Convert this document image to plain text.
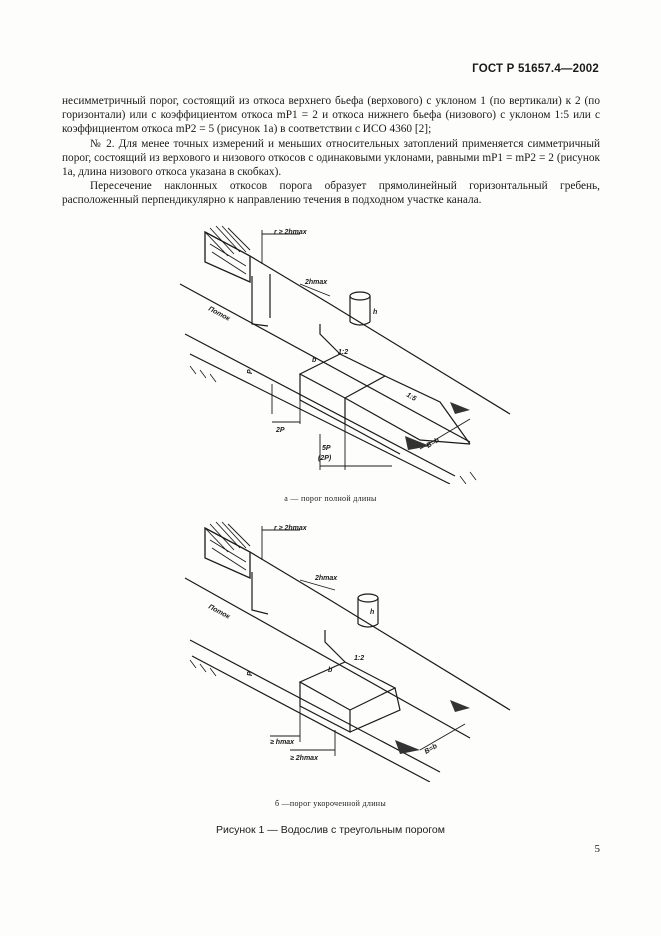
ГОСТ Р 51657.4—2002

несимметричный порог, состоящий из откоса верхнего бьефа (верхового) с уклоном 1 (по вертикали) к 2 (по горизонтали) или с коэффициентом откоса mP1 = 2 и откоса нижнего бьефа (низового) с уклоном 1:5 или с коэффициентом откоса mP2 = 5 (рисунок 1а) в соответствии с ИСО 4360 [2];

№ 2. Для менее точных измерений и меньших относительных затоплений применяется симметричный порог, состоящий из верхового и низового откосов с одинаковыми уклонами, равными mP1 = mP2 = 2 (рисунок 1а, длина низового откоса указана в скобках).

Пересечение наклонных откосов порога образует прямолинейный горизонтальный гребень, расположенный перпендикулярно к направлению течения в подходном участке канала.

r ≥ 2hmax
2hmax
h
Поток
b
1:2
1:5
P
2P
5P
(2P)
B=b
а — порог полной длины
r ≥ 2hmax
2hmax
h
Поток
b
1:2
P
≥ hmax
≥ 2hmax
B=b
б —порог укороченной длины
Рисунок 1 — Водослив с треугольным порогом
5
